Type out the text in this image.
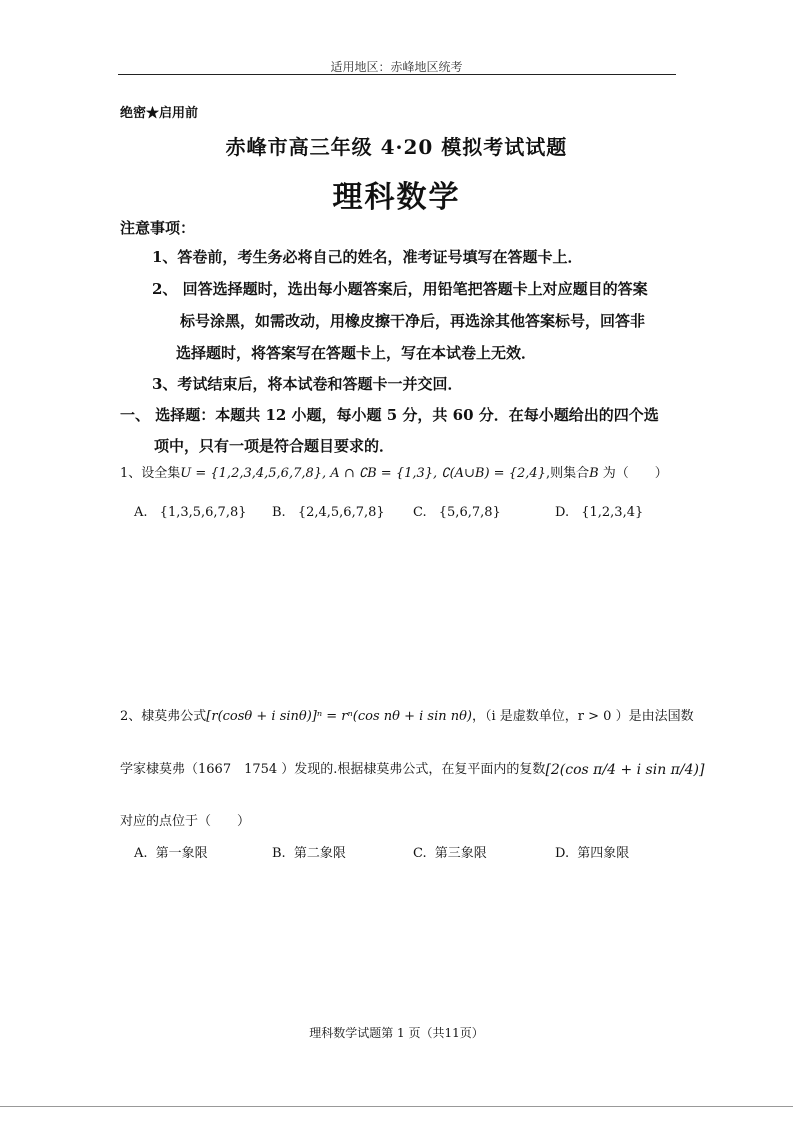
适用地区：赤峰地区统考
绝密★启用前
赤峰市高三年级 4·20 模拟考试试题
理科数学
注意事项：
1、答卷前，考生务必将自己的姓名，准考证号填写在答题卡上．
2、 回答选择题时，选出每小题答案后，用铅笔把答题卡上对应题目的答案
标号涂黑，如需改动，用橡皮擦干净后，再选涂其他答案标号，回答非
选择题时，将答案写在答题卡上，写在本试卷上无效．
3、考试结束后，将本试卷和答题卡一并交回．
一、 选择题：本题共 12 小题，每小题 5 分，共 60 分．在每小题给出的四个选
项中，只有一项是符合题目要求的．
1、设全集U = {1,2,3,4,5,6,7,8}, A ∩ ∁B = {1,3}, ∁(A∪B) = {2,4},则集合B 为（　　）
A. {1,3,5,6,7,8} B. {2,4,5,6,7,8} C. {5,6,7,8}	D. {1,2,3,4}
2、棣莫弗公式[r(cosθ + i sinθ)]ⁿ = rⁿ(cos nθ + i sin nθ)，（i 是虚数单位，r > 0 ）是由法国数
学家棣莫弗（1667　1754 ）发现的.根据棣莫弗公式，在复平面内的复数[2(cos π/4 + i sin π/4)]
对应的点位于（　　）
A. 第一象限	B. 第二象限	C. 第三象限	D. 第四象限
理科数学试题第 1 页（共11页）
